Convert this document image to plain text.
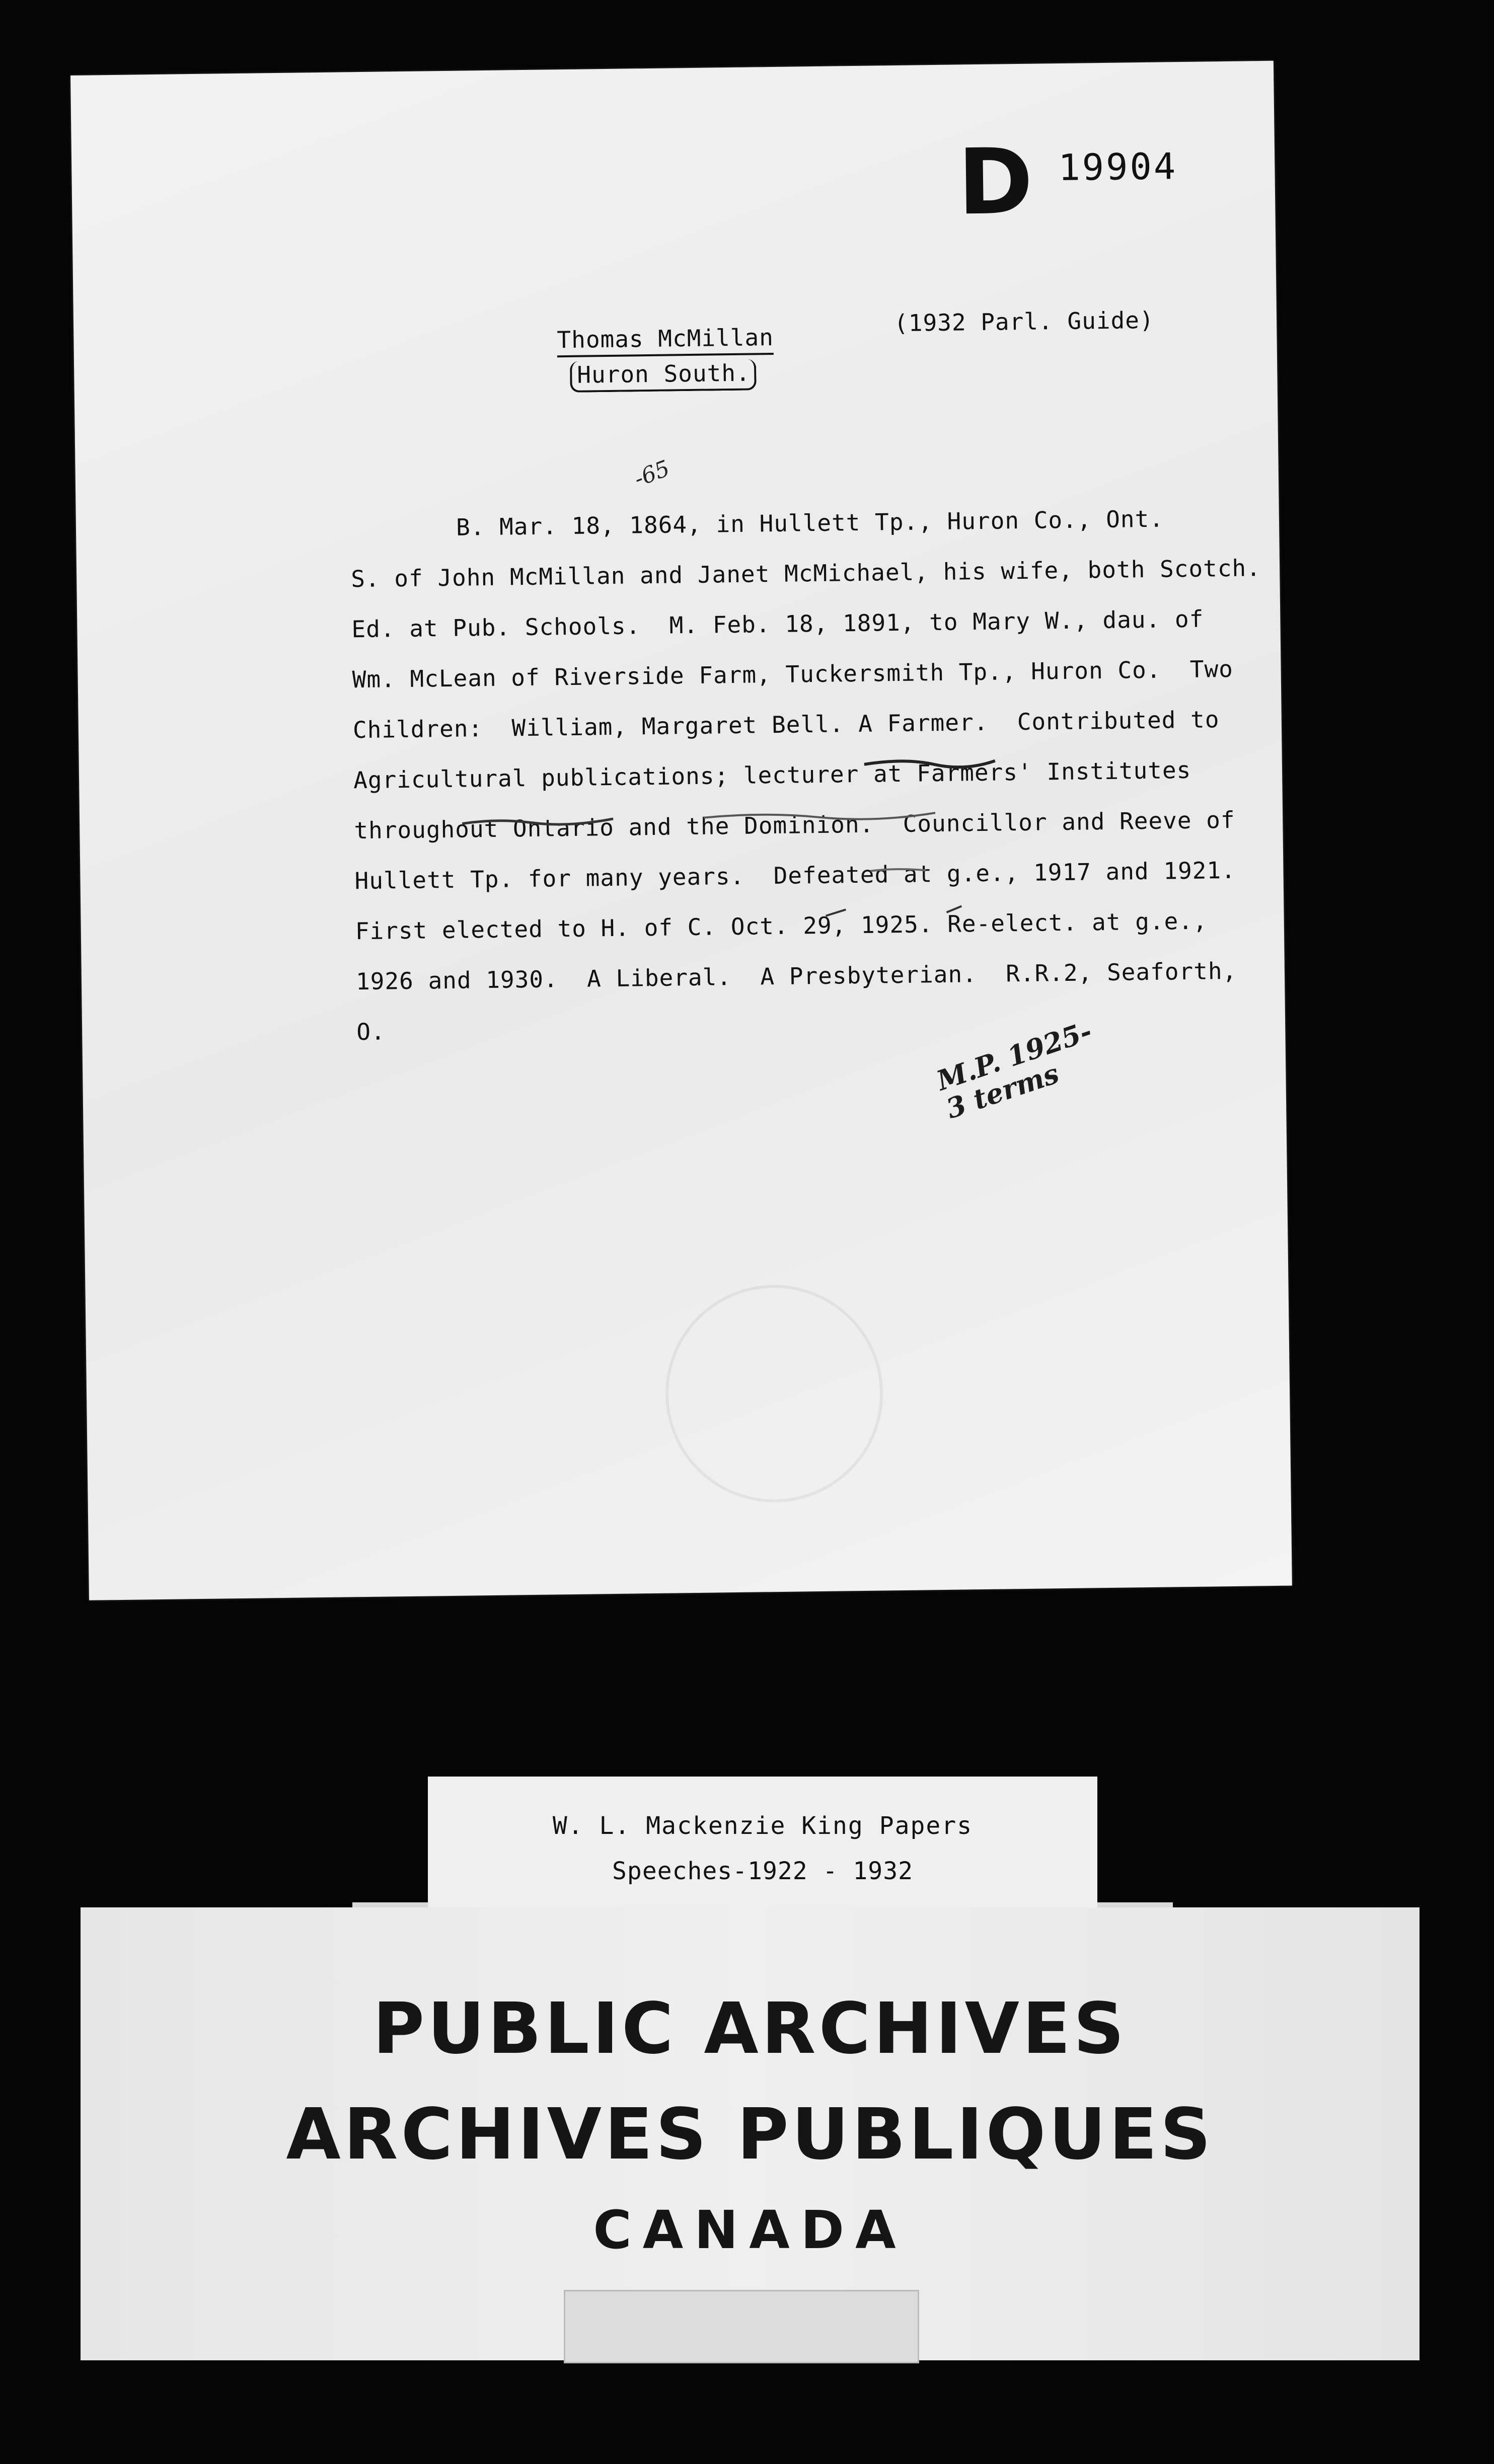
D 19904
Thomas McMillan
Huron South.
(1932 Parl. Guide)
-65
B. Mar. 18, 1864, in Hullett Tp., Huron Co., Ont.
S. of John McMillan and Janet McMichael, his wife, both Scotch.
Ed. at Pub. Schools.  M. Feb. 18, 1891, to Mary W., dau. of
Wm. McLean of Riverside Farm, Tuckersmith Tp., Huron Co.  Two
Children:  William, Margaret Bell. A Farmer.  Contributed to
Agricultural publications; lecturer at Farmers' Institutes
throughout Ontario and the Dominion.  Councillor and Reeve of
Hullett Tp. for many years.  Defeated at g.e., 1917 and 1921.
First elected to H. of C. Oct. 29, 1925. Re-elect. at g.e.,
1926 and 1930.  A Liberal.  A Presbyterian.  R.R.2, Seaforth,
O.	M.P. 1925-
3 terms
W. L. Mackenzie King Papers
Speeches-1922 - 1932
PUBLIC ARCHIVES
ARCHIVES PUBLIQUES
CANADA
